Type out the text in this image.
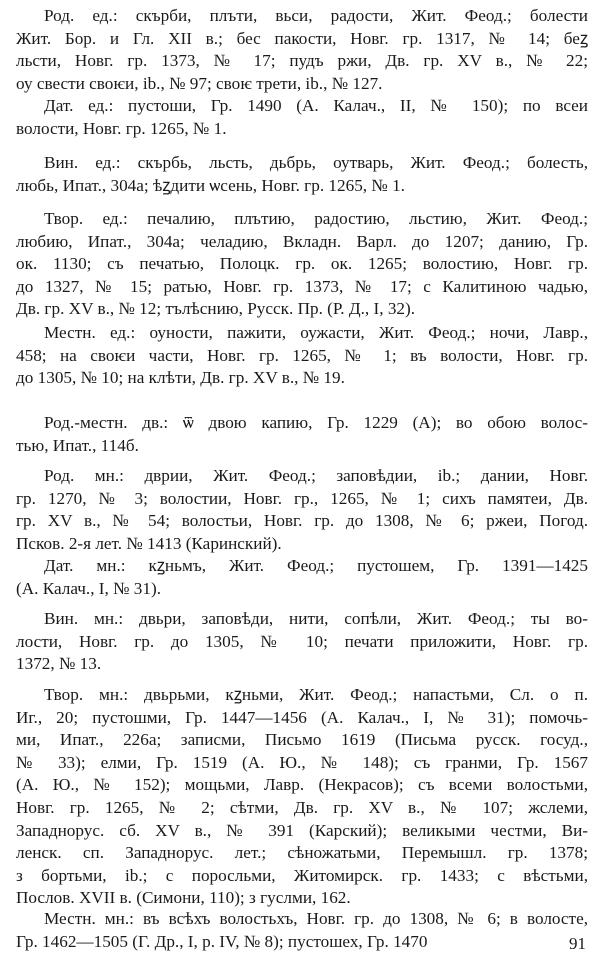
Род. ед.: скърби, плъти, вьси, радости, Жит. Феод.; болести
Жит. Бор. и Гл. XII в.; бес пакости, Новг. гр. 1317, № 14; беꙁ
льсти, Новг. гр. 1373, № 17; пудъ ржи, Дв. гр. XV в., № 22;
оу свести своѥи, ib., № 97; своѥ трети, ib., № 127.
Дат. ед.: пустоши, Гр. 1490 (А. Калач., II, № 150); по всеи
волости, Новг. гр. 1265, № 1.
Вин. ед.: скърбь, льсть, дьбрь, оутварь, Жит. Феод.; болесть,
любь, Ипат., 304а; ѣꙁдити ѡсень, Новг. гр. 1265, № 1.
Твор. ед.: печалию, плътию, радостию, льстию, Жит. Феод.;
любию, Ипат., 304а; челадию, Вкладн. Варл. до 1207; данию, Гр.
ок. 1130; съ печатью, Полоцк. гр. ок. 1265; волостию, Новг. гр.
до 1327, № 15; ратью, Новг. гр. 1373, № 17; с Калитиною чадью,
Дв. гр. XV в., № 12; тълѣснию, Русск. Пр. (Р. Д., I, 32).
Местн. ед.: оуности, пажити, оужасти, Жит. Феод.; ночи, Лавр.,
458; на своѥи части, Новг. гр. 1265, № 1; въ волости, Новг. гр.
до 1305, № 10; на клѣти, Дв. гр. XV в., № 19.
Род.-местн. дв.: ѿ двою капию, Гр. 1229 (А); во обою волос-
тью, Ипат., 114б.
Род. мн.: дврии, Жит. Феод.; заповѣдии, ib.; дании, Новг.
гр. 1270, № 3; волостии, Новг. гр., 1265, № 1; сихъ памятеи, Дв.
гр. XV в., № 54; волостьи, Новг. гр. до 1308, № 6; ржеи, Погод.
Псков. 2-я лет. № 1413 (Каринский).
Дат. мн.: кꙁньмъ, Жит. Феод.; пустошем, Гр. 1391—1425
(А. Калач., I, № 31).
Вин. мн.: двьри, заповѣди, нити, сопѣли, Жит. Феод.; ты во-
лости, Новг. гр. до 1305, № 10; печати приложити, Новг. гр.
1372, № 13.
Твор. мн.: двьрьми, кꙁньми, Жит. Феод.; напастьми, Сл. о п.
Иг., 20; пустошми, Гр. 1447—1456 (А. Калач., I, № 31); помочь-
ми, Ипат., 226а; записми, Письмо 1619 (Письма русск. госуд.,
№ 33); елми, Гр. 1519 (А. Ю., № 148); съ гранми, Гр. 1567
(А. Ю., № 152); мощьми, Лавр. (Некрасов); съ всеми волостьми,
Новг. гр. 1265, № 2; сѣтми, Дв. гр. XV в., № 107; жслеми,
Западнорус. сб. XV в., № 391 (Карский); великыми честми, Ви-
ленск. сп. Западнорус. лет.; сѣножатьми, Перемышл. гр. 1378;
з бортьми, ib.; с поросльми, Житомирск. гр. 1433; с вѣстьми,
Послов. XVII в. (Симони, 110); з гуслми, 162.
Местн. мн.: въ всѣхъ волостьхъ, Новг. гр. до 1308, № 6; в волосте,
Гр. 1462—1505 (Г. Др., I, р. IV, № 8); пустошех, Гр. 1470	91
